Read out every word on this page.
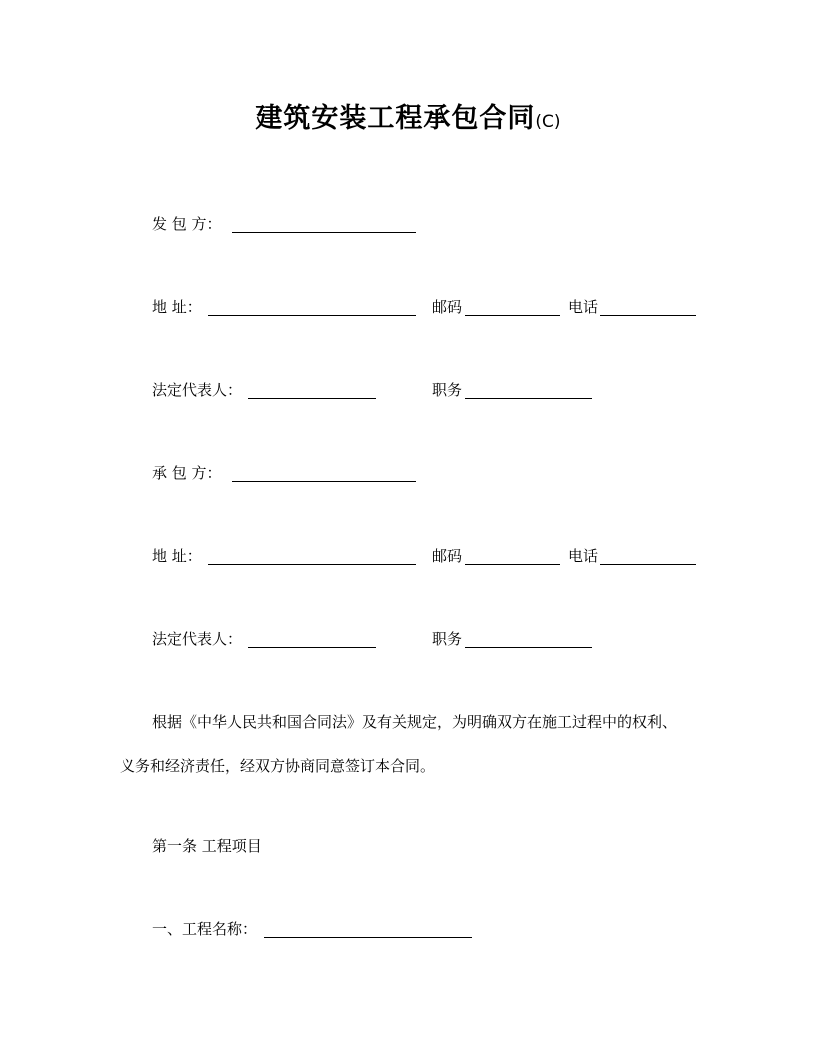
建筑安装工程承包合同(C)
发 包 方：
地 址：	邮码	电话
法定代表人：	职务
承 包 方：
地 址：	邮码	电话
法定代表人：	职务
根据《中华人民共和国合同法》及有关规定，为明确双方在施工过程中的权利、
义务和经济责任，经双方协商同意签订本合同。
第一条 工程项目
一、工程名称：
